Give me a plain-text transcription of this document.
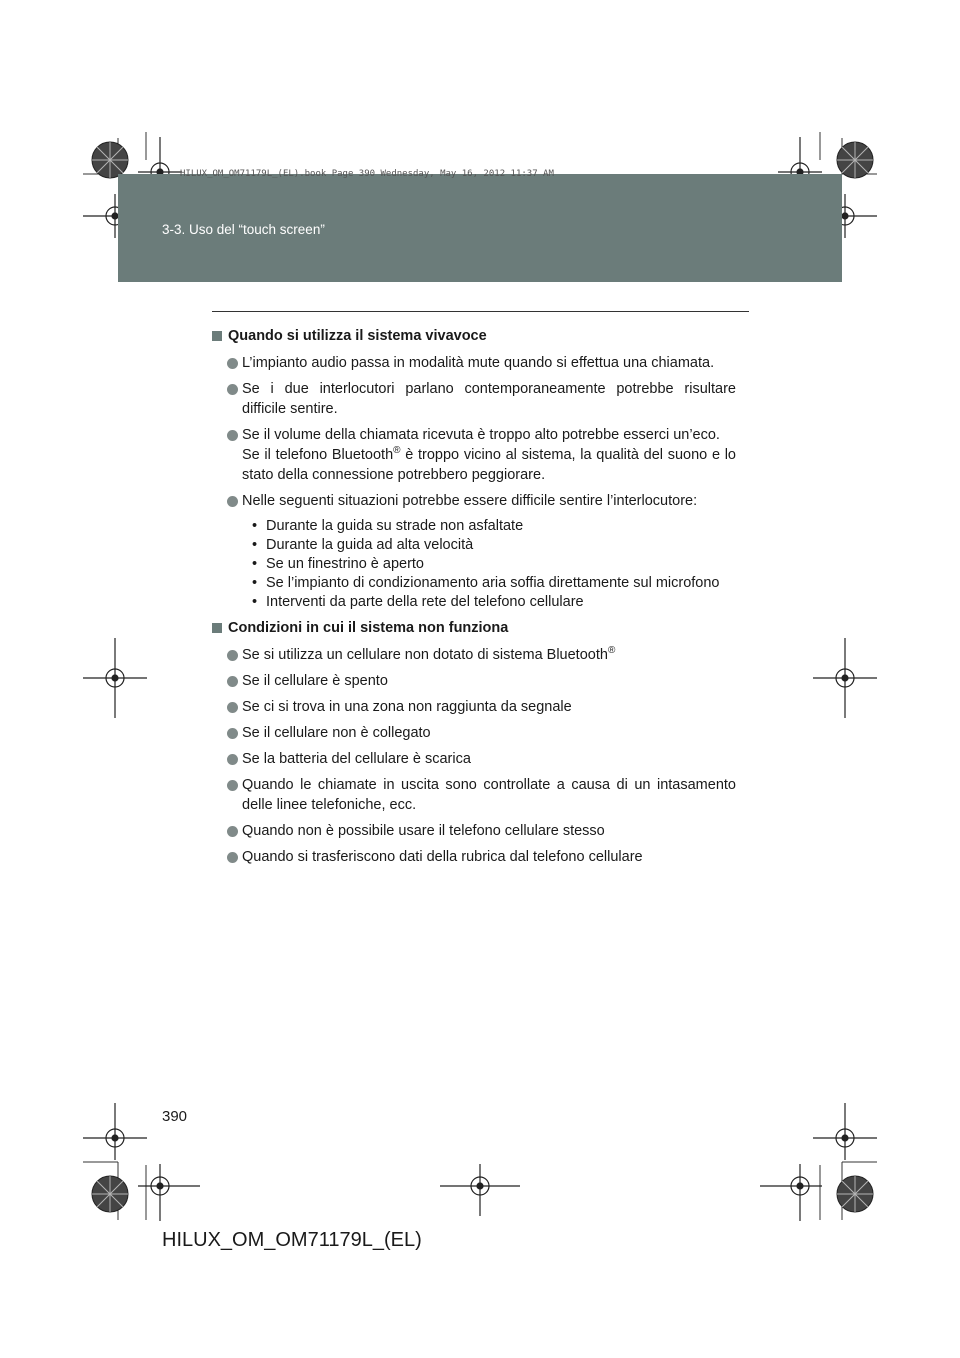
3-3. Uso del “touch screen”
HILUX_OM_OM71179L_(EL).book Page 390 Wednesday, May 16, 2012 11:37 AM
Quando si utilizza il sistema vivavoce

L’impianto audio passa in modalità mute quando si effettua una chiamata.

Se i due interlocutori parlano contemporaneamente potrebbe risultare difficile sentire.

Se il volume della chiamata ricevuta è troppo alto potrebbe esserci un’eco.

Se il telefono Bluetooth® è troppo vicino al sistema, la qualità del suono e lo stato della connessione potrebbero peggiorare.

Nelle seguenti situazioni potrebbe essere difficile sentire l’interlocutore:

• Durante la guida su strade non asfaltate
• Durante la guida ad alta velocità
• Se un finestrino è aperto
• Se l’impianto di condizionamento aria soffia direttamente sul microfono
• Interventi da parte della rete del telefono cellulare
Condizioni in cui il sistema non funziona

Se si utilizza un cellulare non dotato di sistema Bluetooth®

Se il cellulare è spento

Se ci si trova in una zona non raggiunta da segnale

Se il cellulare non è collegato

Se la batteria del cellulare è scarica

Quando le chiamate in uscita sono controllate a causa di un intasamento delle linee telefoniche, ecc.

Quando non è possibile usare il telefono cellulare stesso

Quando si trasferiscono dati della rubrica dal telefono cellulare

390
HILUX_OM_OM71179L_(EL)
